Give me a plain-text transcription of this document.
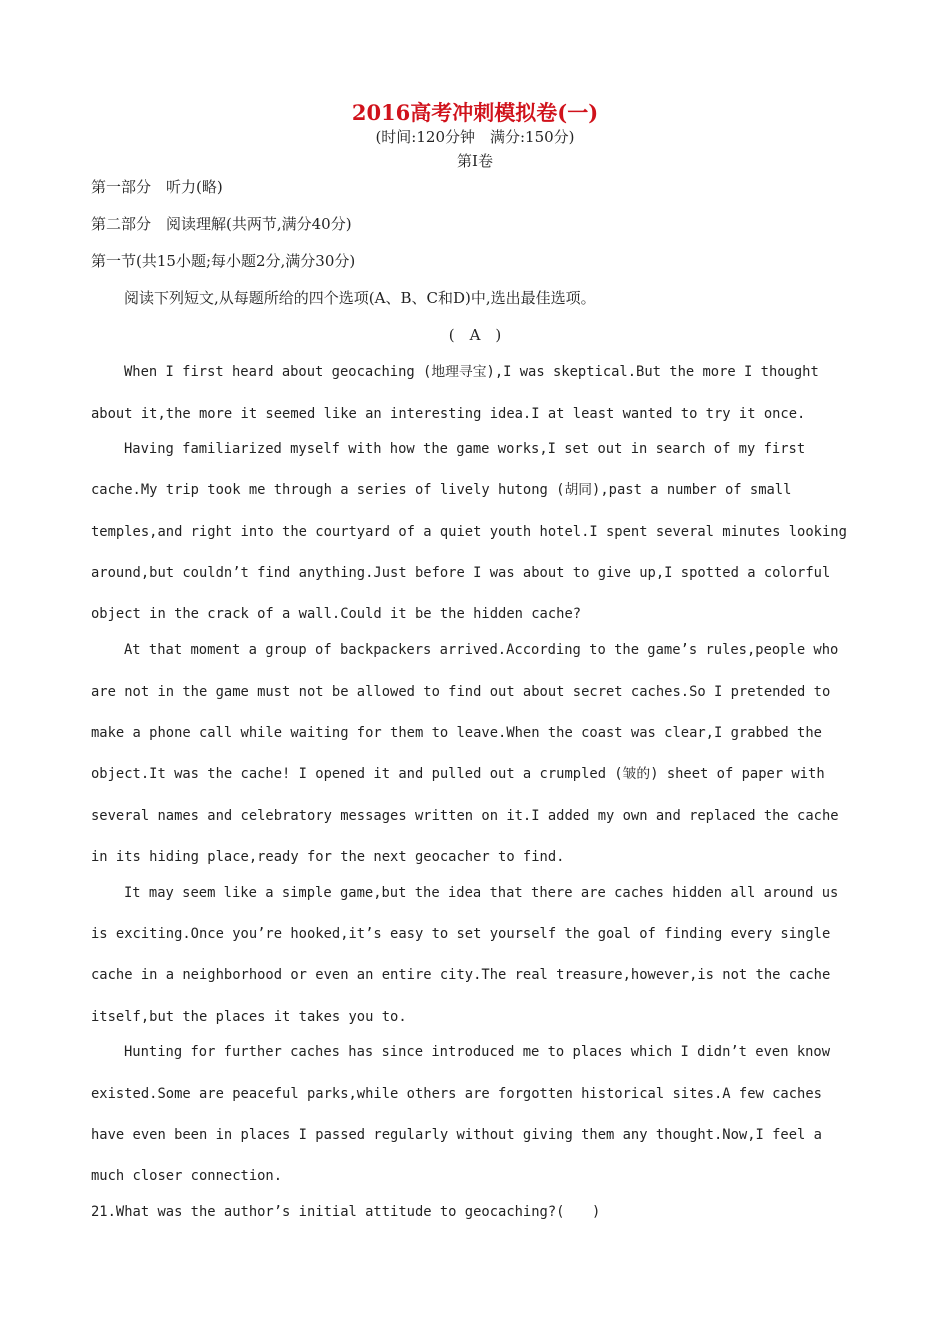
2016高考冲刺模拟卷(一)
(时间:120分钟　满分:150分)
第Ⅰ卷
第一部分　听力(略)
第二部分　阅读理解(共两节,满分40分)
第一节(共15小题;每小题2分,满分30分)
阅读下列短文,从每题所给的四个选项(A、B、C和D)中,选出最佳选项。
(　A　)
When I first heard about geocaching (地理寻宝),I was skeptical.But the more I thought
about it,the more it seemed like an interesting idea.I at least wanted to try it once.
Having familiarized myself with how the game works,I set out in search of my first
cache.My trip took me through a series of lively hutong (胡同),past a number of small
temples,and right into the courtyard of a quiet youth hotel.I spent several minutes looking
around,but couldn’t find anything.Just before I was about to give up,I spotted a colorful
object in the crack of a wall.Could it be the hidden cache?
At that moment a group of backpackers arrived.According to the game’s rules,people who
are not in the game must not be allowed to find out about secret caches.So I pretended to
make a phone call while waiting for them to leave.When the coast was clear,I grabbed the
object.It was the cache! I opened it and pulled out a crumpled (皱的) sheet of paper with
several names and celebratory messages written on it.I added my own and replaced the cache
in its hiding place,ready for the next geocacher to find.
It may seem like a simple game,but the idea that there are caches hidden all around us
is exciting.Once you’re hooked,it’s easy to set yourself the goal of finding every single
cache in a neighborhood or even an entire city.The real treasure,however,is not the cache
itself,but the places it takes you to.
Hunting for further caches has since introduced me to places which I didn’t even know
existed.Some are peaceful parks,while others are forgotten historical sites.A few caches
have even been in places I passed regularly without giving them any thought.Now,I feel a
much closer connection.
21.What was the author’s initial attitude to geocaching?(　　)
